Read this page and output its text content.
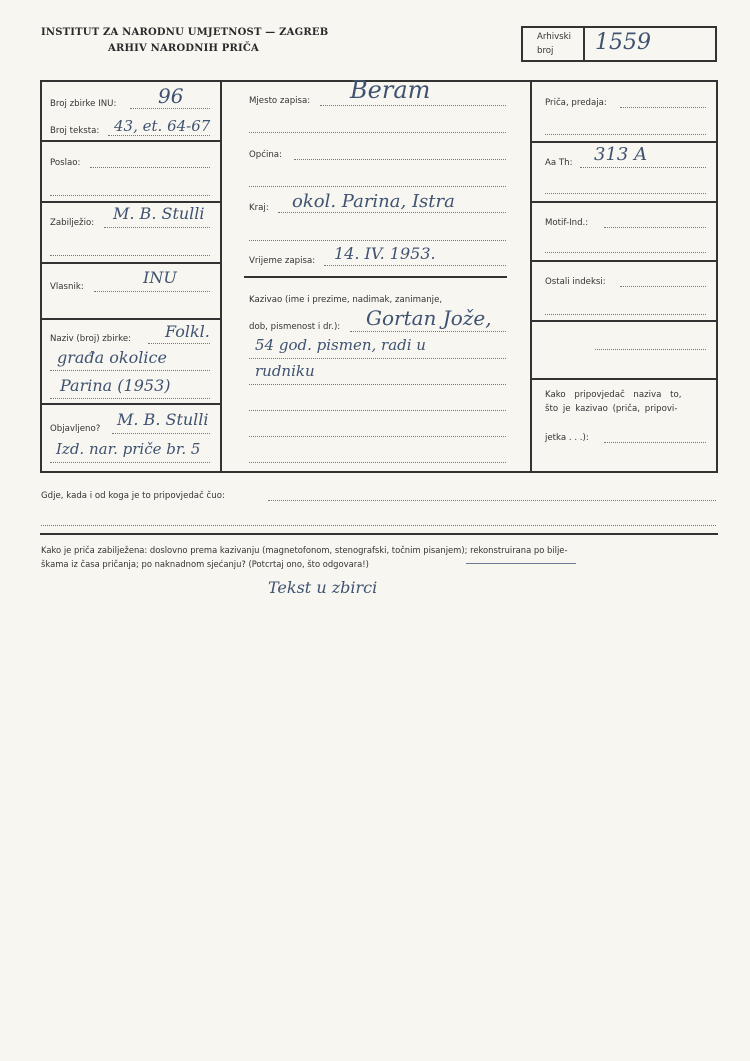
INSTITUT ZA NARODNU UMJETNOST — ZAGREB
ARHIV NARODNIH PRIČA
Arhivski
broj 1559
Broj zbirke INU: 96
Broj teksta: 43, et. 64-67
Poslao:
Zabilježio: M. B. Stulli
Vlasnik:	INU
Naziv (broj) zbirke: Folkl.
građa okolice
Parina (1953)
Objavljeno? M. B. Stulli
Izd. nar. priče br. 5
Mjesto zapisa: Beram
Općina:
Kraj: okol. Parina, Istra
Vrijeme zapisa: 14. IV. 1953.
Kazivao (ime i prezime, nadimak, zanimanje,
dob, pismenost i dr.): Gortan Jože,
54 god. pismen, radi u
rudniku
Priča, predaja:
Aa Th: 313 A
Motif-Ind.:
Ostali indeksi:
Kako pripovjedač naziva to,
što je kazivao (priča, pripovi-
jetka . . .):
Gdje, kada i od koga je to pripovjedač čuo:
Kako je priča zabilježena: doslovno prema kazivanju (magnetofonom, stenografski, točnim pisanjem); rekonstruirana po bilje-
škama iz časa pričanja; po naknadnom sjećanju? (Potcrtaj ono, što odgovara!)
Tekst u zbirci
